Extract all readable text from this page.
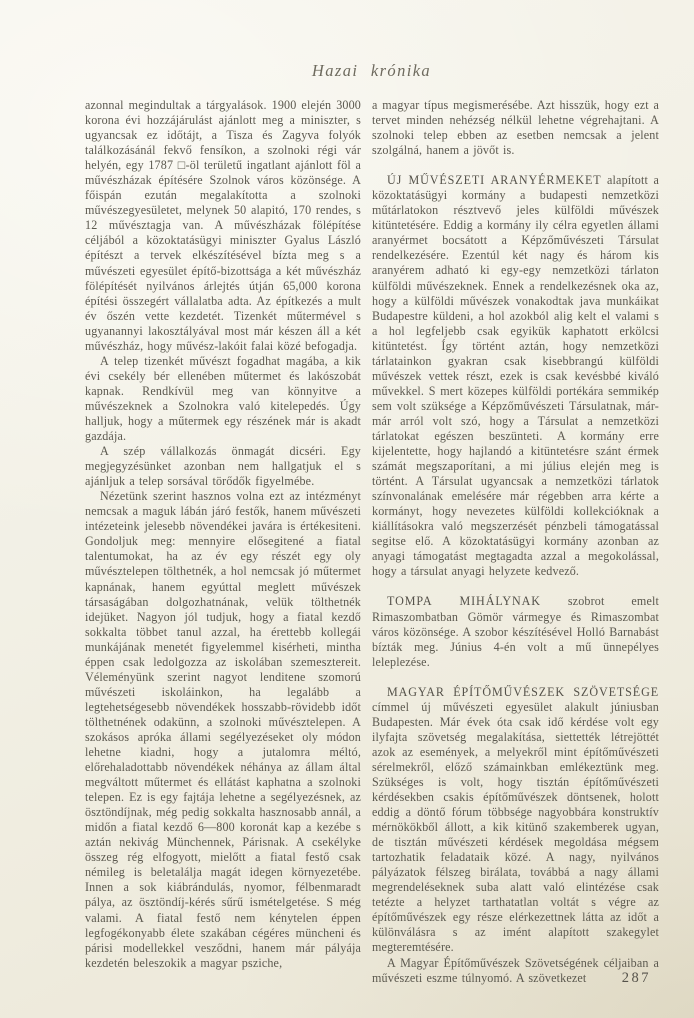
Hazai krónika

azonnal megindultak a tárgyalások. 1900 elején 3000 korona évi hozzájárulást ajánlott meg a miniszter, s ugyancsak ez időtájt, a Tisza és Zagyva folyók találkozásánál fekvő fensíkon, a szolnoki régi vár helyén, egy 1787 □-öl területű ingatlant ajánlott föl a művészházak építésére Szolnok város közönsége. A főispán ezután megalakította a szolnoki művészegyesületet, melynek 50 alapitó, 170 rendes, s 12 művésztagja van. A művészházak fölépítése céljából a közoktatásügyi miniszter Gyalus László építészt a tervek elkészítésével bízta meg s a művészeti egyesület építő-bizottsága a két művészház fölépítését nyilvános árlejtés útján 65,000 korona építési összegért vállalatba adta. Az építkezés a mult év őszén vette kezdetét. Tizenkét műtermével s ugyanannyi lakosztályával most már készen áll a két művészház, hogy művész-lakóit falai közé befogadja.

A telep tizenkét művészt fogadhat magába, a kik évi csekély bér ellenében műtermet és lakószobát kapnak. Rendkívül meg van könnyitve a művészeknek a Szolnokra való kitelepedés. Úgy halljuk, hogy a műtermek egy részének már is akadt gazdája.

A szép vállalkozás önmagát dicséri. Egy megjegyzésünket azonban nem hallgatjuk el s ajánljuk a telep sorsával törődők figyelmébe.

Nézetünk szerint hasznos volna ezt az intézményt nemcsak a maguk lábán járó festők, hanem művészeti intézeteink jelesebb növendékei javára is értékesiteni. Gondoljuk meg: mennyire elősegitené a fiatal talentumokat, ha az év egy részét egy oly művésztelepen tölthetnék, a hol nemcsak jó műtermet kapnának, hanem egyúttal meglett művészek társaságában dolgozhatnának, velük tölthetnék idejüket. Nagyon jól tudjuk, hogy a fiatal kezdő sokkalta többet tanul azzal, ha érettebb kollegái munkájának menetét figyelemmel kisérheti, mintha éppen csak ledolgozza az iskolában szemesztereit. Véleményünk szerint nagyot lenditene szomorú művészeti iskoláinkon, ha legalább a legtehetségesebb növendékek hosszabb-rövidebb időt tölthetnének odakünn, a szolnoki művésztelepen. A szokásos apróka állami segélyezéseket oly módon lehetne kiadni, hogy a jutalomra méltó, előrehaladottabb növendékek néhánya az állam által megváltott műtermet és ellátást kaphatna a szolnoki telepen. Ez is egy fajtája lehetne a segélyezésnek, az ösztöndíjnak, még pedig sokkalta hasznosabb annál, a midőn a fiatal kezdő 6—800 koronát kap a kezébe s aztán nekivág Münchennek, Párisnak. A csekélyke összeg rég elfogyott, mielőtt a fiatal festő csak némileg is beletalálja magát idegen környezetébe. Innen a sok kiábrándulás, nyomor, félbenmaradt pálya, az ösztöndíj-kérés sűrű ismételgetése. S még valami. A fiatal festő nem kénytelen éppen legfogékonyabb élete szakában cégéres müncheni és párisi modellekkel vesződni, hanem már pályája kezdetén beleszokik a magyar psziche,

a magyar típus megismerésébe. Azt hisszük, hogy ezt a tervet minden nehézség nélkül lehetne végrehajtani. A szolnoki telep ebben az esetben nemcsak a jelent szolgálná, hanem a jövőt is.

ÚJ MŰVÉSZETI ARANYÉRMEKET alapított a közoktatásügyi kormány a budapesti nemzetközi műtárlatokon résztvevő jeles külföldi művészek kitüntetésére. Eddig a kormány ily célra egyetlen állami aranyérmet bocsátott a Képzőművészeti Társulat rendelkezésére. Ezentúl két nagy és három kis aranyérem adható ki egy-egy nemzetközi tárlaton külföldi művészeknek. Ennek a rendelkezésnek oka az, hogy a külföldi művészek vonakodtak java munkáikat Budapestre küldeni, a hol azokból alig kelt el valami s a hol legfeljebb csak egyikük kaphatott erkölcsi kitüntetést. Így történt aztán, hogy nemzetközi tárlatainkon gyakran csak kisebbrangú külföldi művészek vettek részt, ezek is csak kevésbbé kiváló művekkel. S mert közepes külföldi portékára semmikép sem volt szüksége a Képzőművészeti Társulatnak, már-már arról volt szó, hogy a Társulat a nemzetközi tárlatokat egészen beszünteti. A kormány erre kijelentette, hogy hajlandó a kitüntetésre szánt érmek számát megszaporítani, a mi július elején meg is történt. A Társulat ugyancsak a nemzetközi tárlatok színvonalának emelésére már régebben arra kérte a kormányt, hogy nevezetes külföldi kollekcióknak a kiállításokra való megszerzését pénzbeli támogatással segitse elő. A közoktatásügyi kormány azonban az anyagi támogatást megtagadta azzal a megokolással, hogy a társulat anyagi helyzete kedvező.

TOMPA MIHÁLYNAK szobrot emelt Rimaszombatban Gömör vármegye és Rimaszombat város közönsége. A szobor készítésével Holló Barnabást bízták meg. Június 4-én volt a mű ünnepélyes leleplezése.

MAGYAR ÉPÍTŐMŰVÉSZEK SZÖVETSÉGE címmel új művészeti egyesület alakult júniusban Budapesten. Már évek óta csak idő kérdése volt egy ilyfajta szövetség megalakítása, siettették létrejöttét azok az események, a melyekről mint építőművészeti sérelmekről, előző számainkban emlékeztünk meg. Szükséges is volt, hogy tisztán építőművészeti kérdésekben csakis építőművészek döntsenek, holott eddig a döntő fórum többsége nagyobbára konstruktív mérnökökből állott, a kik kitünő szakemberek ugyan, de tisztán művészeti kérdések megoldása mégsem tartozhatik feladataik közé. A nagy, nyilvános pályázatok félszeg birálata, továbbá a nagy állami megrendeléseknek suba alatt való elintézése csak tetézte a helyzet tarthatatlan voltát s végre az építőművészek egy része elérkezettnek látta az időt a különválásra s az imént alapított szakegylet megteremtésére.

A Magyar Építőművészek Szövetségének céljaiban a művészeti eszme túlnyomó. A szövetkezet	287
